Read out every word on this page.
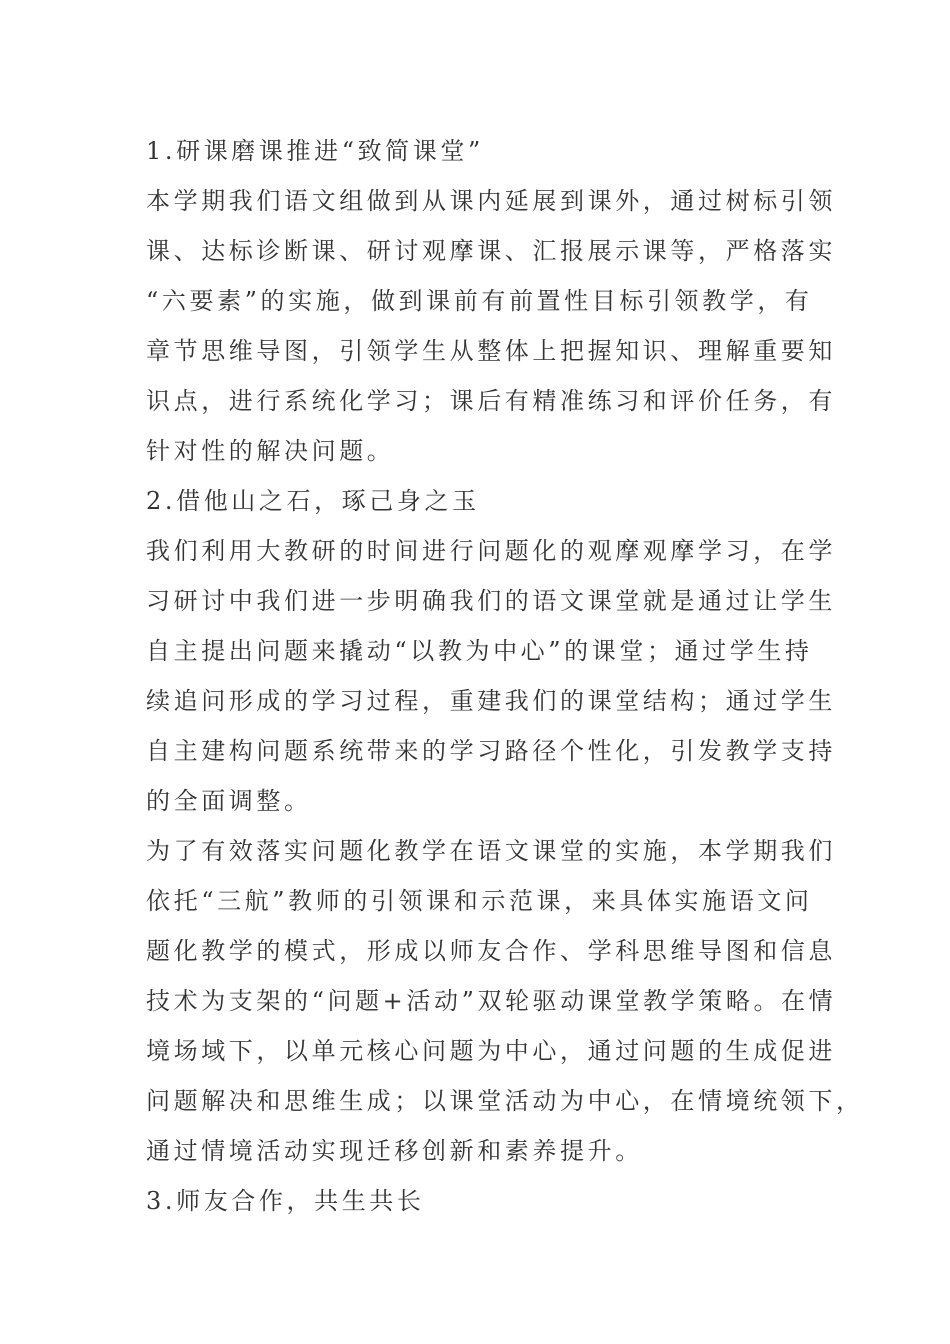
1.研课磨课推进“致简课堂”
本学期我们语文组做到从课内延展到课外，通过树标引领
课、达标诊断课、研讨观摩课、汇报展示课等，严格落实
“六要素”的实施，做到课前有前置性目标引领教学，有
章节思维导图，引领学生从整体上把握知识、理解重要知
识点，进行系统化学习；课后有精准练习和评价任务，有
针对性的解决问题。
2.借他山之石，琢己身之玉
我们利用大教研的时间进行问题化的观摩观摩学习，在学
习研讨中我们进一步明确我们的语文课堂就是通过让学生
自主提出问题来撬动“以教为中心”的课堂；通过学生持
续追问形成的学习过程，重建我们的课堂结构；通过学生
自主建构问题系统带来的学习路径个性化，引发教学支持
的全面调整。
为了有效落实问题化教学在语文课堂的实施，本学期我们
依托“三航”教师的引领课和示范课，来具体实施语文问
题化教学的模式，形成以师友合作、学科思维导图和信息
技术为支架的“问题+活动”双轮驱动课堂教学策略。在情
境场域下，以单元核心问题为中心，通过问题的生成促进
问题解决和思维生成；以课堂活动为中心，在情境统领下，
通过情境活动实现迁移创新和素养提升。
3.师友合作，共生共长
